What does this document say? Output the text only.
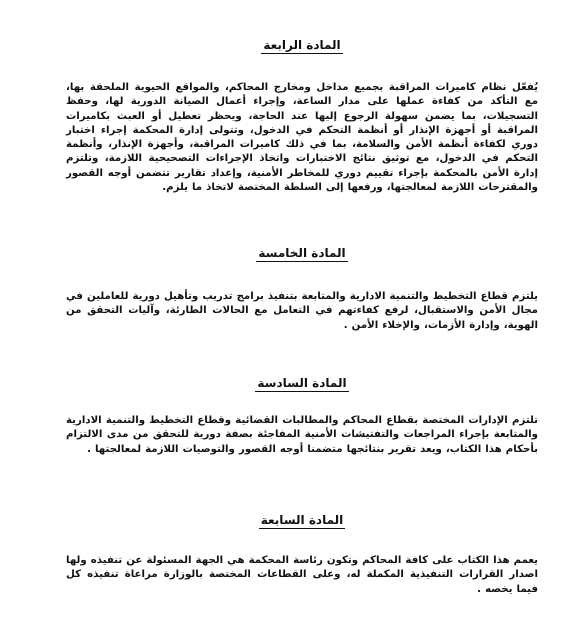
المادة الرابعة

يُفعّل نظام كاميرات المراقبة بجميع مداخل ومخارج المحاكم، والمواقع الحيوية الملحقة بها، مع التأكد من كفاءة عملها على مدار الساعة، وإجراء أعمال الصيانة الدورية لها، وحفظ التسجيلات، بما يضمن سهولة الرجوع إليها عند الحاجة، ويحظر تعطيل أو العبث بكاميرات المراقبة أو أجهزة الإنذار أو أنظمة التحكم في الدخول، وتتولى إدارة المحكمة إجراء اختبار دوري لكفاءة أنظمة الأمن والسلامة، بما في ذلك كاميرات المراقبة، وأجهزة الإنذار، وأنظمة التحكم في الدخول، مع توثيق نتائج الاختبارات واتخاذ الإجراءات التصحيحية اللازمة، وتلتزم إدارة الأمن بالمحكمة بإجراء تقييم دوري للمخاطر الأمنية، وإعداد تقارير تتضمن أوجه القصور والمقترحات اللازمة لمعالجتها، ورفعها إلى السلطة المختصة لاتخاذ ما يلزم.

المادة الخامسة

يلتزم قطاع التخطيط والتنمية الادارية والمتابعة بتنفيذ برامج تدريب وتأهيل دورية للعاملين في مجال الأمن والاستقبال، لرفع كفاءتهم في التعامل مع الحالات الطارئة، وآليات التحقق من الهوية، وإدارة الأزمات، والإخلاء الأمن .

المادة السادسة

تلتزم الإدارات المختصة بقطاع المحاكم والمطالبات القضائية وقطاع التخطيط والتنمية الادارية والمتابعة بإجراء المراجعات والتفتيشات الأمنية المفاجئة بصفة دورية للتحقق من مدى الالتزام بأحكام هذا الكتاب، ويعد تقرير بنتائجها متضمنا أوجه القصور والتوصيات اللازمة لمعالجتها .

المادة السابعة

يعمم هذا الكتاب على كافة المحاكم وتكون رئاسة المحكمة هي الجهة المسئولة عن تنفيذه ولها اصدار القرارات التنفيذية المكملة له، وعلى القطاعات المختصة بالوزارة مراعاة تنفيذه كل فيما يخصه .
